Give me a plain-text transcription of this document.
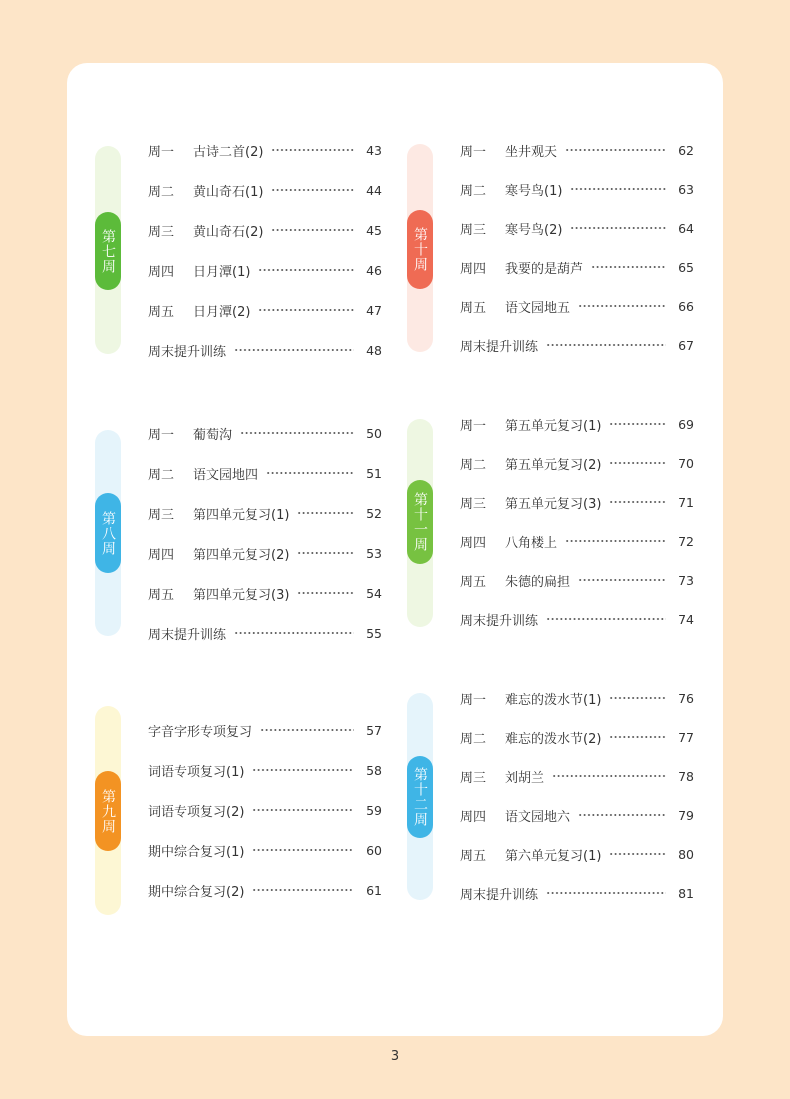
第七周
周一	古诗二首(2)	43
周二	黄山奇石(1)	44
周三	黄山奇石(2)	45
周四	日月潭(1)	46
周五	日月潭(2)	47
周末提升训练	48
第八周
周一	葡萄沟	50
周二	语文园地四	51
周三	第四单元复习(1)	52
周四	第四单元复习(2)	53
周五	第四单元复习(3)	54
周末提升训练	55
第九周
字音字形专项复习	57
词语专项复习(1)	58
词语专项复习(2)	59
期中综合复习(1)	60
期中综合复习(2)	61
第十周
周一	坐井观天	62
周二	寒号鸟(1)	63
周三	寒号鸟(2)	64
周四	我要的是葫芦	65
周五	语文园地五	66
周末提升训练	67
第十一周
周一	第五单元复习(1)	69
周二	第五单元复习(2)	70
周三	第五单元复习(3)	71
周四	八角楼上	72
周五	朱德的扁担	73
周末提升训练	74
第十二周
周一	难忘的泼水节(1)	76
周二	难忘的泼水节(2)	77
周三	刘胡兰	78
周四	语文园地六	79
周五	第六单元复习(1)	80
周末提升训练	81
3
